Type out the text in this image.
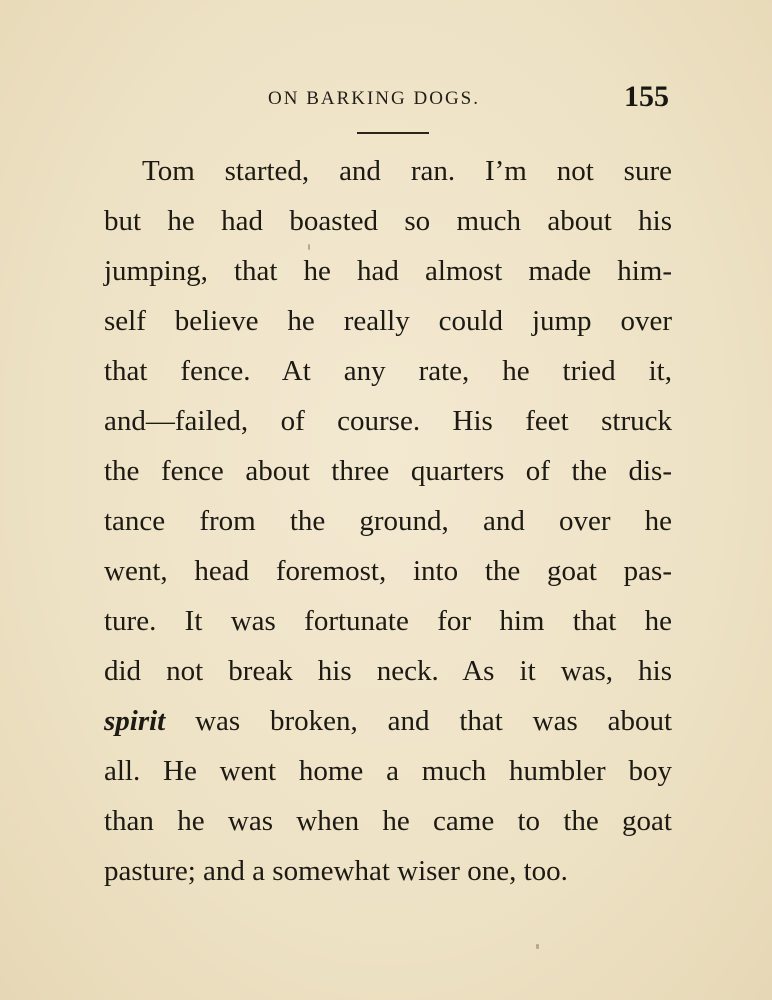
ON BARKING DOGS.	155
Tom started, and ran. I’m not sure
but he had boasted so much about his
jumping, that he had almost made him-
self believe he really could jump over
that fence. At any rate, he tried it,
and—failed, of course. His feet struck
the fence about three quarters of the dis-
tance from the ground, and over he
went, head foremost, into the goat pas-
ture. It was fortunate for him that he
did not break his neck. As it was, his
spirit was broken, and that was about
all. He went home a much humbler boy
than he was when he came to the goat
pasture; and a somewhat wiser one, too.
